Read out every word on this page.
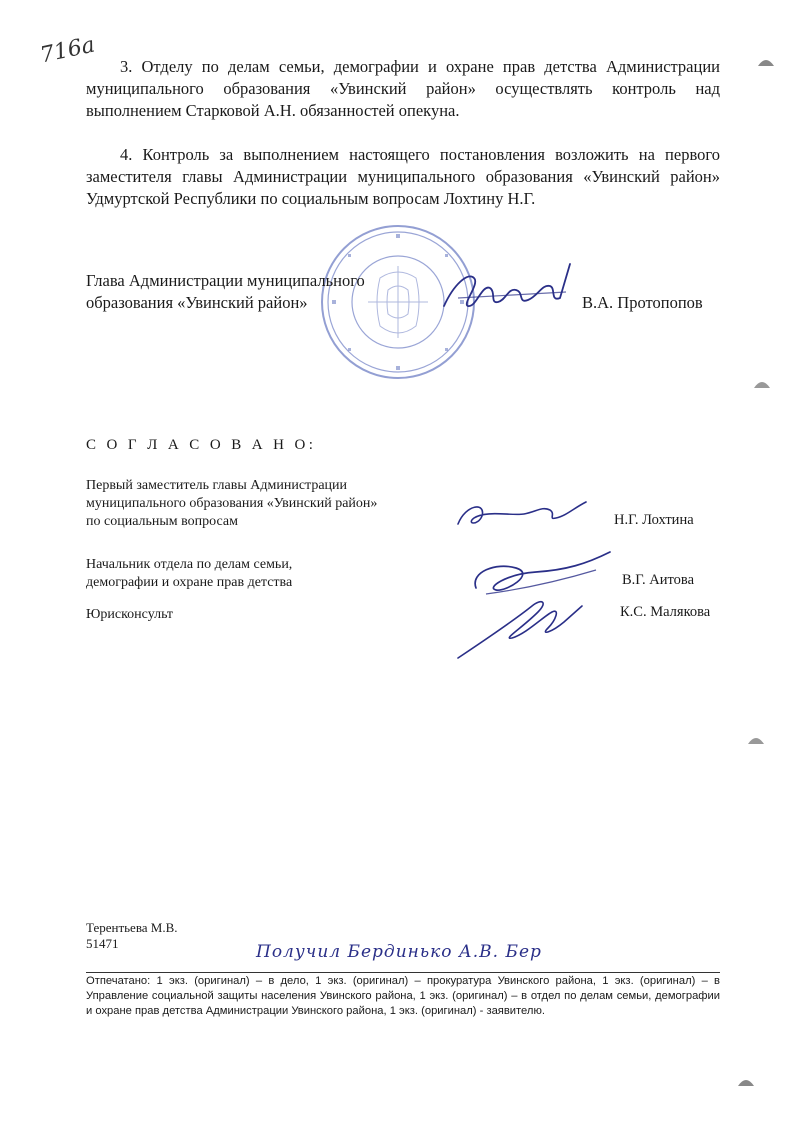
716а	3. Отделу по делам семьи, демографии и охране прав детства Администрации муниципального образования «Увинский район» осуществлять контроль над выполнением Старковой А.Н. обязанностей опекуна.

4. Контроль за выполнением настоящего постановления возложить на первого заместителя главы Администрации муниципального образования «Увинский район» Удмуртской Республики по социальным вопросам Лохтину Н.Г.

Глава Администрации муниципального
образования «Увинский район»	В.А. Протопопов
С О Г Л А С О В А Н О:
Первый заместитель главы Администрации
муниципального образования «Увинский район»
по социальным вопросам	Н.Г. Лохтина
Начальник отдела по делам семьи,
демографии и охране прав детства	В.Г. Аитова
Юрисконсульт	К.С. Малякова
Терентьева М.В.
51471	Получил Бердинько А.В. Бер

Отпечатано: 1 экз. (оригинал) – в дело, 1 экз. (оригинал) – прокуратура Увинского района, 1 экз. (оригинал) – в Управление социальной защиты населения Увинского района, 1 экз. (оригинал) – в отдел по делам семьи, демографии и охране прав детства Администрации Увинского района, 1 экз. (оригинал) - заявителю.
